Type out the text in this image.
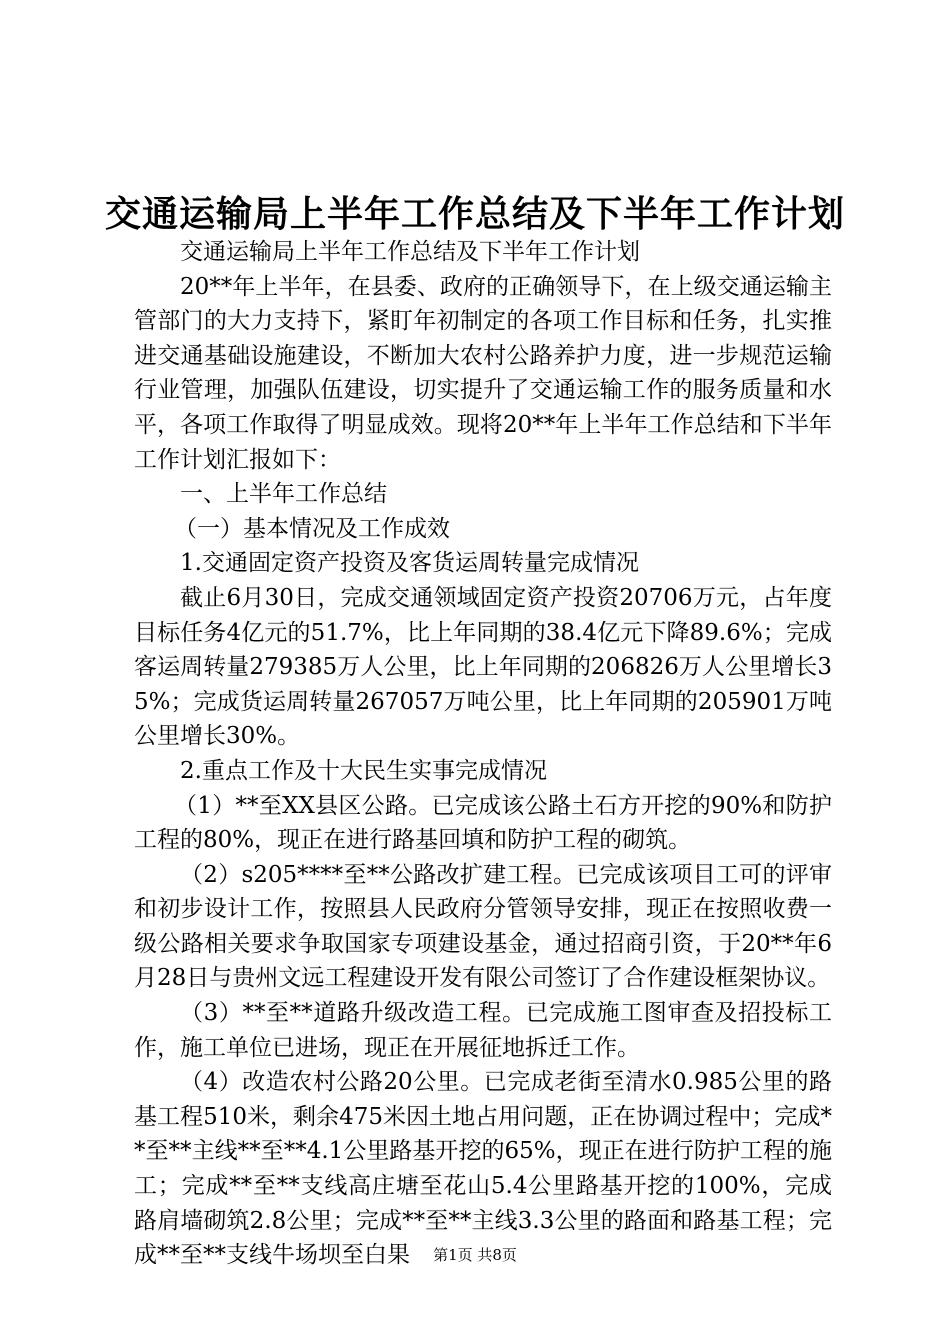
交通运输局上半年工作总结及下半年工作计划

交通运输局上半年工作总结及下半年工作计划

20**年上半年，在县委、政府的正确领导下，在上级交通运输主管部门的大力支持下，紧盯年初制定的各项工作目标和任务，扎实推进交通基础设施建设，不断加大农村公路养护力度，进一步规范运输行业管理，加强队伍建设，切实提升了交通运输工作的服务质量和水平，各项工作取得了明显成效。现将20**年上半年工作总结和下半年工作计划汇报如下：

一、上半年工作总结

（一）基本情况及工作成效

1.交通固定资产投资及客货运周转量完成情况

截止6月30日，完成交通领域固定资产投资20706万元，占年度目标任务4亿元的51.7%，比上年同期的38.4亿元下降89.6%；完成客运周转量279385万人公里，比上年同期的206826万人公里增长35%；完成货运周转量267057万吨公里，比上年同期的205901万吨公里增长30%。

2.重点工作及十大民生实事完成情况

（1）**至XX县区公路。已完成该公路土石方开挖的90%和防护工程的80%，现正在进行路基回填和防护工程的砌筑。

（2）s205****至**公路改扩建工程。已完成该项目工可的评审和初步设计工作，按照县人民政府分管领导安排，现正在按照收费一级公路相关要求争取国家专项建设基金，通过招商引资，于20**年6月28日与贵州文远工程建设开发有限公司签订了合作建设框架协议。

（3）**至**道路升级改造工程。已完成施工图审查及招投标工作，施工单位已进场，现正在开展征地拆迁工作。

（4）改造农村公路20公里。已完成老街至清水0.985公里的路基工程510米，剩余475米因土地占用问题，正在协调过程中；完成**至**主线**至**4.1公里路基开挖的65%，现正在进行防护工程的施工；完成**至**支线高庄塘至花山5.4公里路基开挖的100%，完成路肩墙砌筑2.8公里；完成**至**主线3.3公里的路面和路基工程；完成**至**支线牛场坝至白果	第1页 共8页
